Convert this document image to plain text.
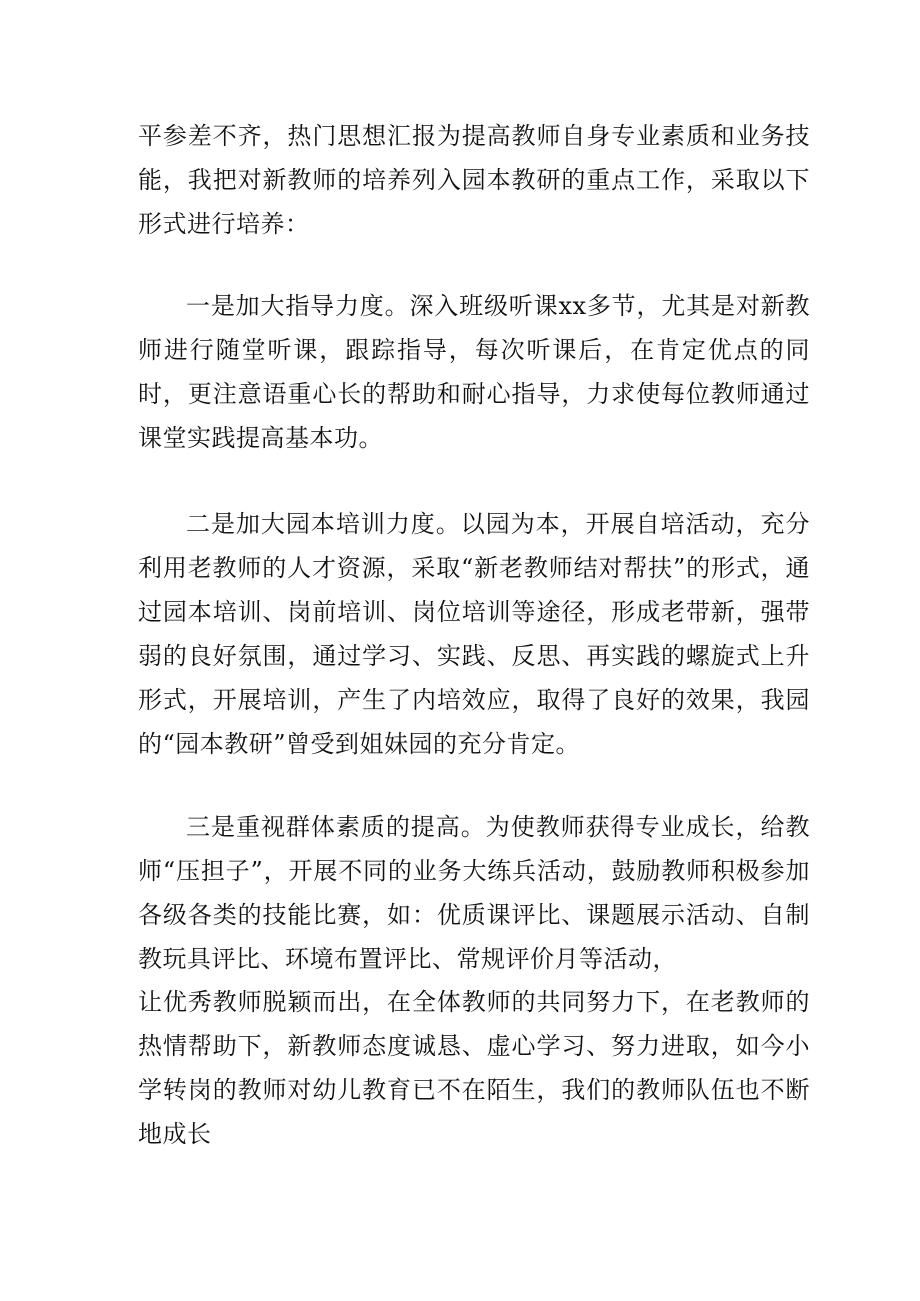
平参差不齐，热门思想汇报为提高教师自身专业素质和业务技能，我把对新教师的培养列入园本教研的重点工作，采取以下形式进行培养：

一是加大指导力度。深入班级听课xx多节，尤其是对新教师进行随堂听课，跟踪指导，每次听课后，在肯定优点的同时，更注意语重心长的帮助和耐心指导，力求使每位教师通过课堂实践提高基本功。

二是加大园本培训力度。以园为本，开展自培活动，充分利用老教师的人才资源，采取“新老教师结对帮扶”的形式，通过园本培训、岗前培训、岗位培训等途径，形成老带新，强带弱的良好氛围，通过学习、实践、反思、再实践的螺旋式上升形式，开展培训，产生了内培效应，取得了良好的效果，我园的“园本教研”曾受到姐妹园的充分肯定。

三是重视群体素质的提高。为使教师获得专业成长，给教师“压担子”，开展不同的业务大练兵活动，鼓励教师积极参加各级各类的技能比赛，如：优质课评比、课题展示活动、自制教玩具评比、环境布置评比、常规评价月等活动，

让优秀教师脱颖而出，在全体教师的共同努力下，在老教师的热情帮助下，新教师态度诚恳、虚心学习、努力进取，如今小学转岗的教师对幼儿教育已不在陌生，我们的教师队伍也不断地成长
